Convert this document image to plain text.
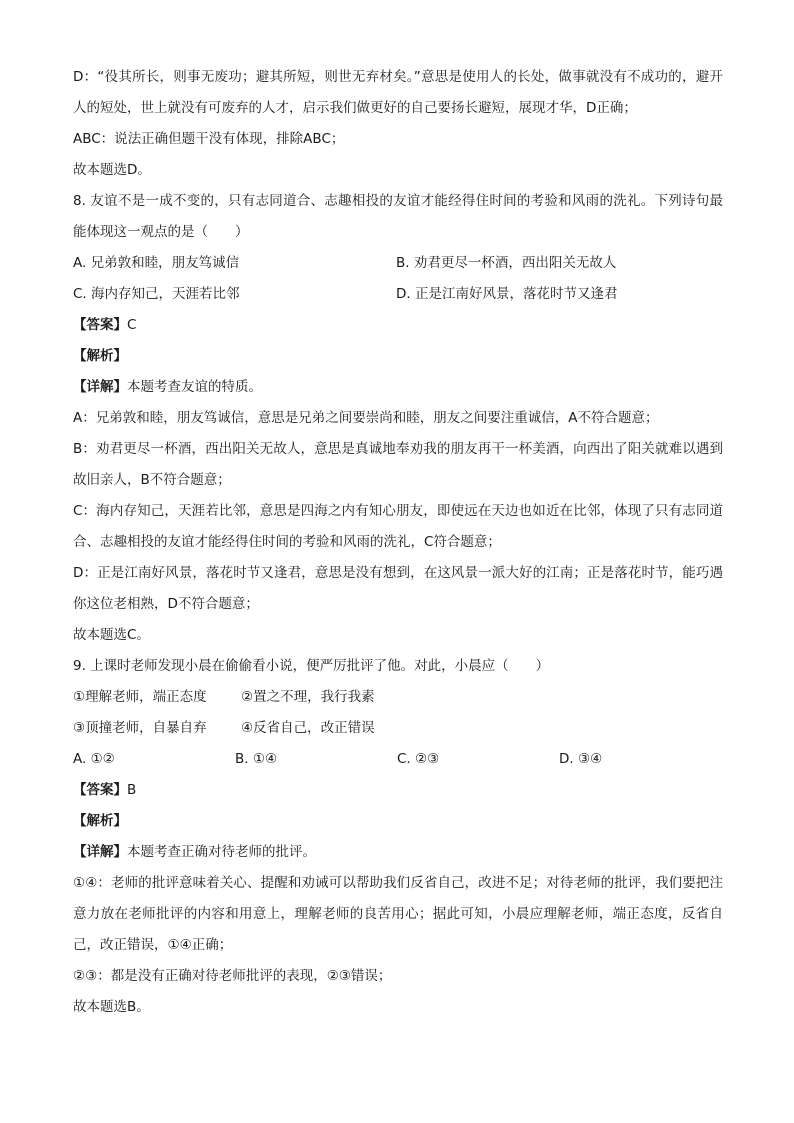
D：“役其所长，则事无废功；避其所短，则世无弃材矣。”意思是使用人的长处，做事就没有不成功的，避开人的短处，世上就没有可废弃的人才，启示我们做更好的自己要扬长避短，展现才华，D正确；

ABC：说法正确但题干没有体现，排除ABC；

故本题选D。

8. 友谊不是一成不变的，只有志同道合、志趣相投的友谊才能经得住时间的考验和风雨的洗礼。下列诗句最能体现这一观点的是（　　）

A. 兄弟敦和睦，朋友笃诚信	B. 劝君更尽一杯酒，西出阳关无故人
C. 海内存知己，天涯若比邻	D. 正是江南好风景，落花时节又逢君

【答案】C

【解析】

【详解】本题考查友谊的特质。

A：兄弟敦和睦，朋友笃诚信，意思是兄弟之间要崇尚和睦，朋友之间要注重诚信，A不符合题意；

B：劝君更尽一杯酒，西出阳关无故人，意思是真诚地奉劝我的朋友再干一杯美酒，向西出了阳关就难以遇到故旧亲人，B不符合题意；

C：海内存知己，天涯若比邻，意思是四海之内有知心朋友，即使远在天边也如近在比邻，体现了只有志同道合、志趣相投的友谊才能经得住时间的考验和风雨的洗礼，C符合题意；

D：正是江南好风景，落花时节又逢君，意思是没有想到，在这风景一派大好的江南；正是落花时节，能巧遇你这位老相熟，D不符合题意；

故本题选C。

9. 上课时老师发现小晨在偷偷看小说，便严厉批评了他。对此，小晨应（　　）

①理解老师，端正态度	②置之不理，我行我素

③顶撞老师，自暴自弃	④反省自己，改正错误

A. ①②	B. ①④	C. ②③	D. ③④

【答案】B

【解析】

【详解】本题考查正确对待老师的批评。

①④：老师的批评意味着关心、提醒和劝诫可以帮助我们反省自己，改进不足；对待老师的批评，我们要把注意力放在老师批评的内容和用意上，理解老师的良苦用心；据此可知，小晨应理解老师，端正态度，反省自己，改正错误，①④正确；

②③：都是没有正确对待老师批评的表现，②③错误；

故本题选B。
